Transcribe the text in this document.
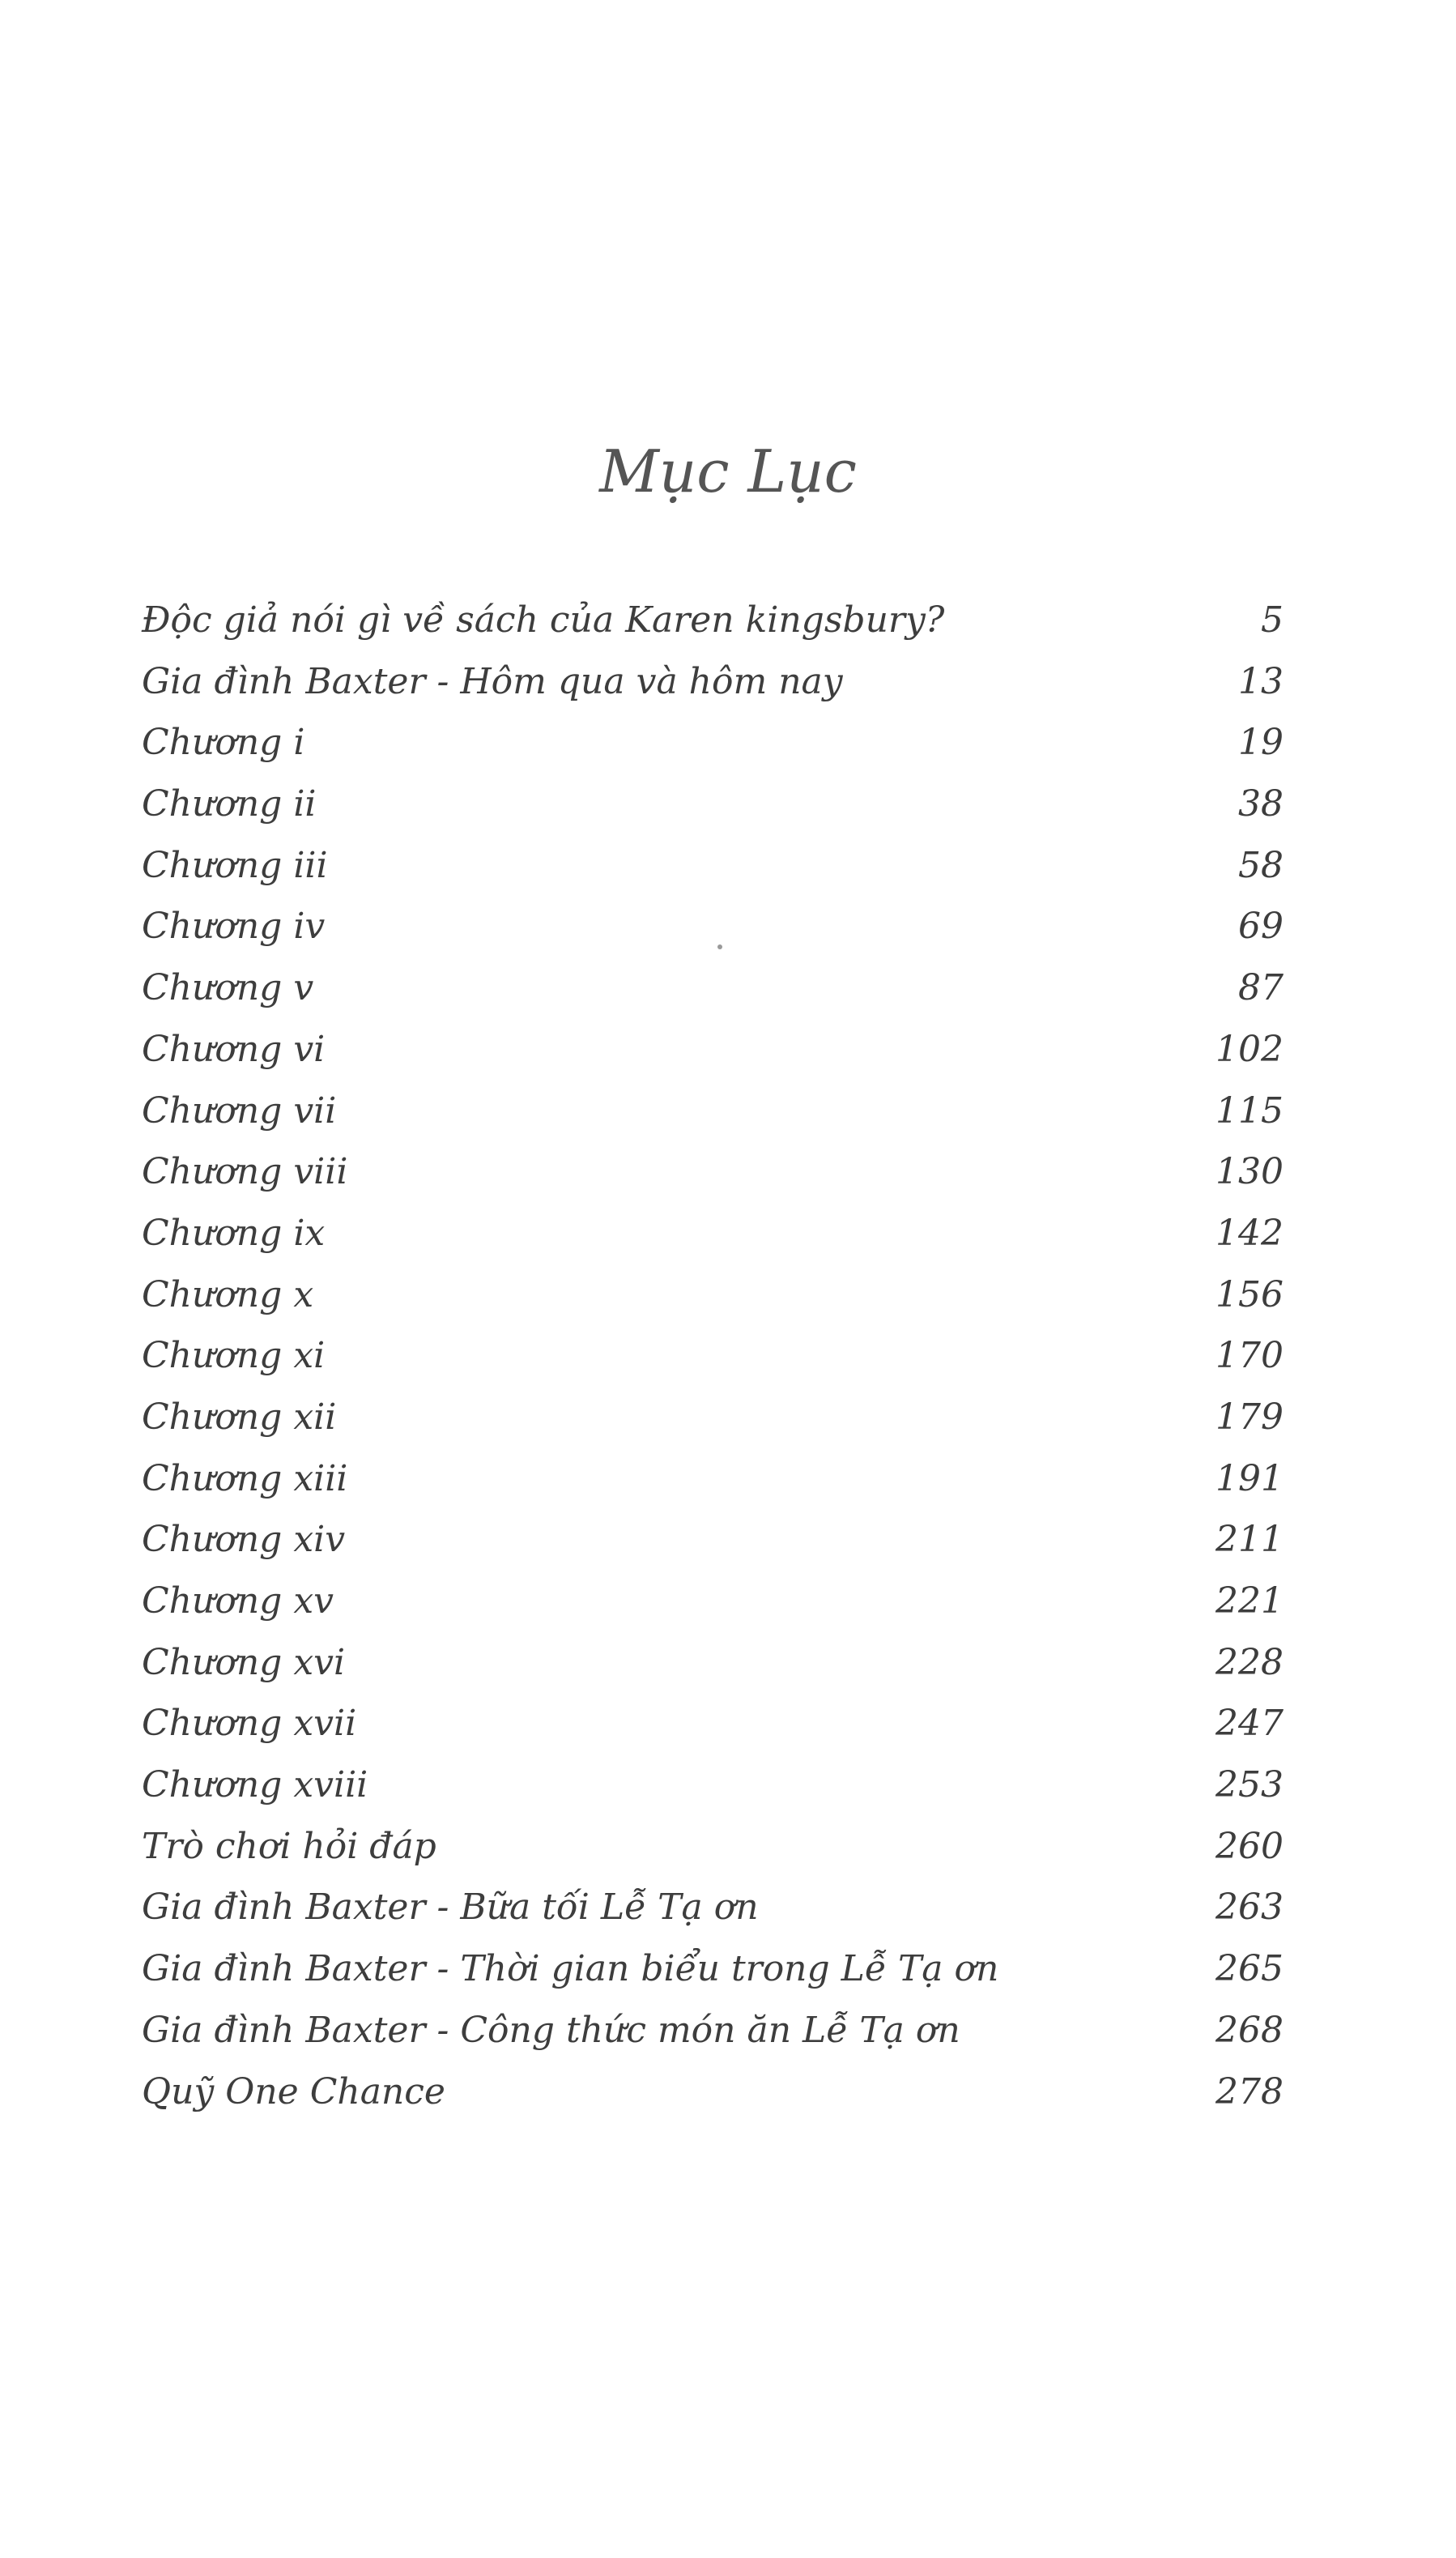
Mục Lục
Độc giả nói gì về sách của Karen kingsbury?	5
Gia đình Baxter - Hôm qua và hôm nay	13
Chương i	19
Chương ii	38
Chương iii	58
Chương iv	69
Chương v	87
Chương vi	102
Chương vii	115
Chương viii	130
Chương ix	142
Chương x	156
Chương xi	170
Chương xii	179
Chương xiii	191
Chương xiv	211
Chương xv	221
Chương xvi	228
Chương xvii	247
Chương xviii	253
Trò chơi hỏi đáp	260
Gia đình Baxter - Bữa tối Lễ Tạ ơn	263
Gia đình Baxter - Thời gian biểu trong Lễ Tạ ơn	265
Gia đình Baxter - Công thức món ăn Lễ Tạ ơn	268
Quỹ One Chance	278
